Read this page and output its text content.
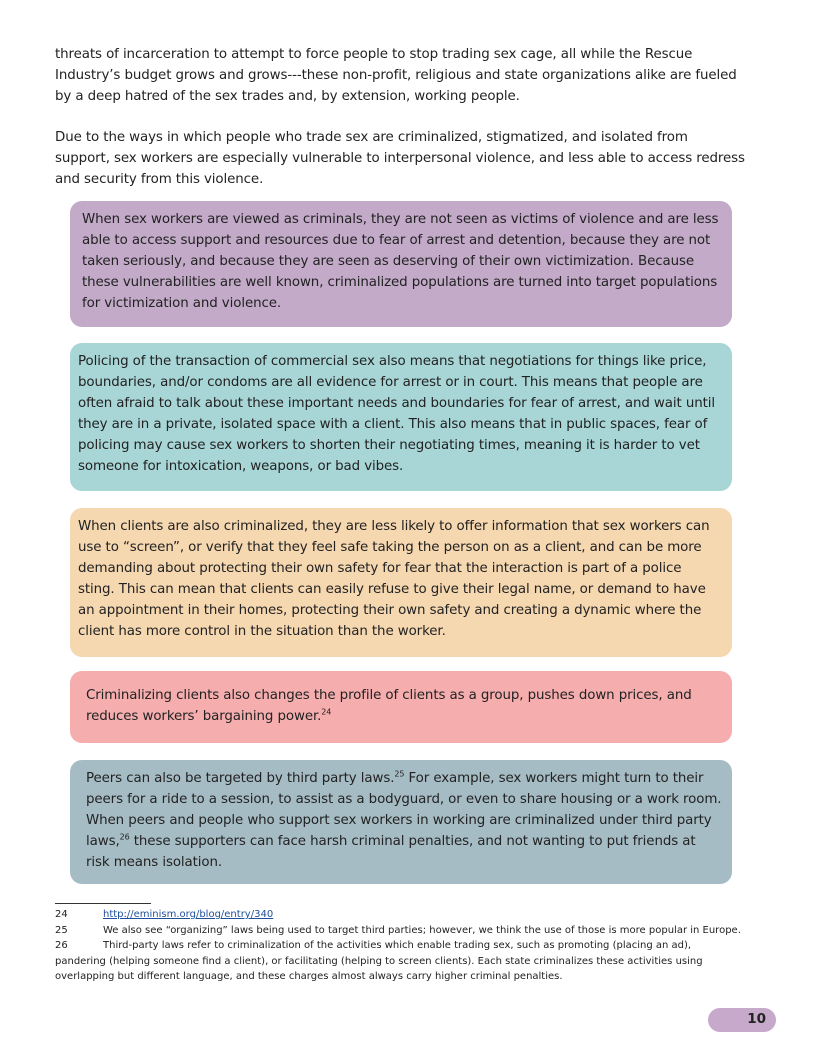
threats of incarceration to attempt to force people to stop trading sex cage, all while the Rescue Industry’s budget grows and grows---these non-profit, religious and state organizations alike are fueled by a deep hatred of the sex trades and, by extension, working people.

Due to the ways in which people who trade sex are criminalized, stigmatized, and isolated from support, sex workers are especially vulnerable to interpersonal violence, and less able to access redress and security from this violence.

When sex workers are viewed as criminals, they are not seen as victims of violence and are less able to access support and resources due to fear of arrest and detention, because they are not taken seriously, and because they are seen as deserving of their own victimization. Because these vulnerabilities are well known, criminalized populations are turned into target populations for victimization and violence.

Policing of the transaction of commercial sex also means that negotiations for things like price, boundaries, and/or condoms are all evidence for arrest or in court. This means that people are often afraid to talk about these important needs and boundaries for fear of arrest, and wait until they are in a private, isolated space with a client. This also means that in public spaces, fear of policing may cause sex workers to shorten their negotiating times, meaning it is harder to vet someone for intoxication, weapons, or bad vibes.

When clients are also criminalized, they are less likely to offer information that sex workers can use to “screen”, or verify that they feel safe taking the person on as a client, and can be more demanding about protecting their own safety for fear that the interaction is part of a police sting. This can mean that clients can easily refuse to give their legal name, or demand to have an appointment in their homes, protecting their own safety and creating a dynamic where the client has more control in the situation than the worker.

Criminalizing clients also changes the profile of clients as a group, pushes down prices, and reduces workers’ bargaining power.$^{24}$

Peers can also be targeted by third party laws.$^{25}$ For example, sex workers might turn to their peers for a ride to a session, to assist as a bodyguard, or even to share housing or a work room. When peers and people who support sex workers in working are criminalized under third party laws,$^{26}$ these supporters can face harsh criminal penalties, and not wanting to put friends at risk means isolation.

24	http://eminism.org/blog/entry/340

25	We also see “organizing” laws being used to target third parties; however, we think the use of those is more popular in Europe.

26	Third-party laws refer to criminalization of the activities which enable trading sex, such as promoting (placing an ad), pandering (helping someone find a client), or facilitating (helping to screen clients). Each state criminalizes these activities using overlapping but different language, and these charges almost always carry higher criminal penalties.

10
